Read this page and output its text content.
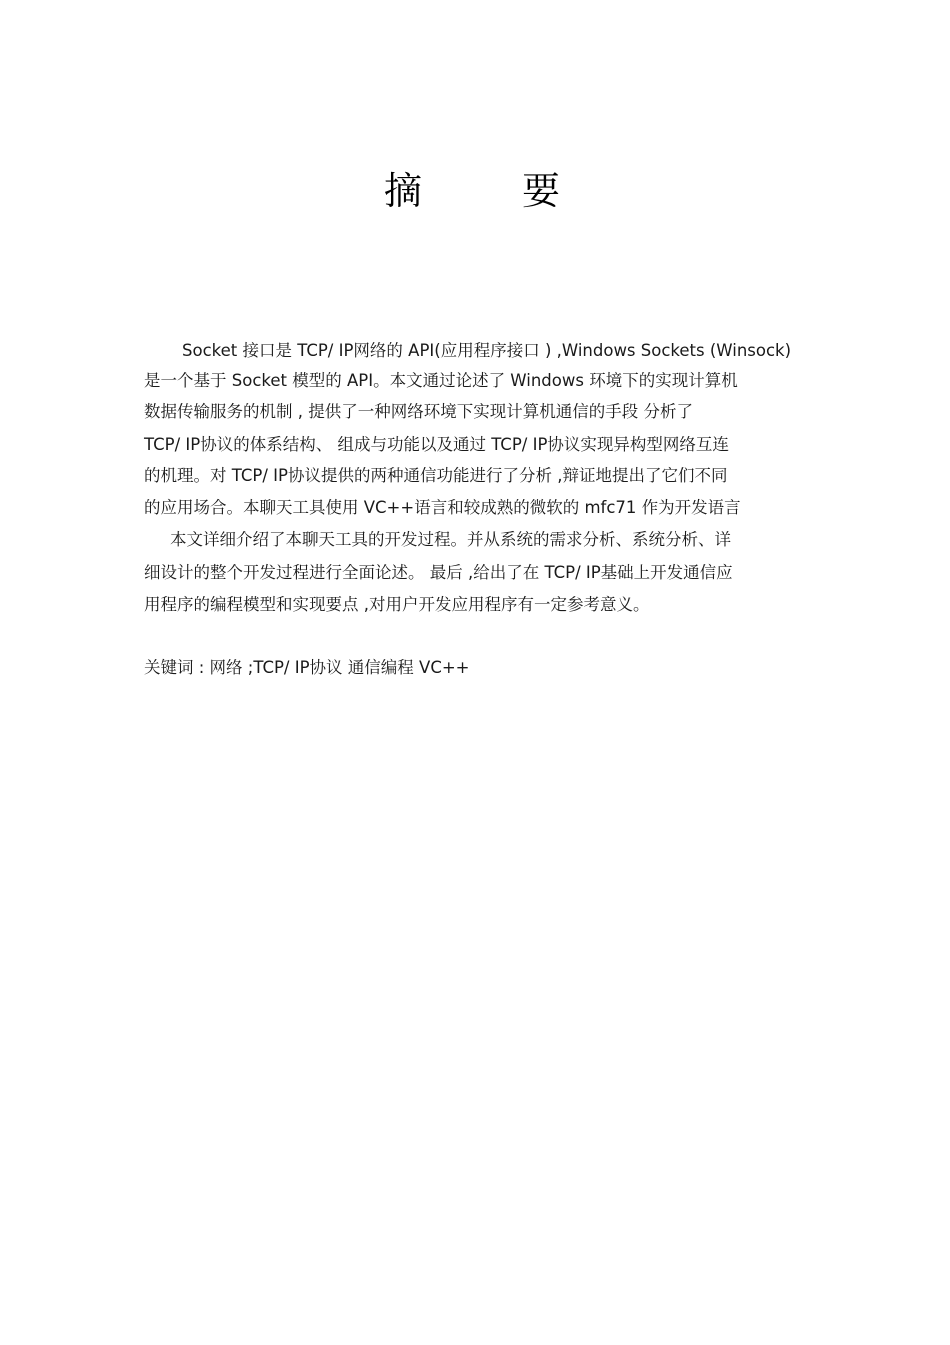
摘 要
Socket 接口是 TCP/ IP网络的 API(应用程序接口 ) ,Windows Sockets (Winsock)
是一个基于 Socket 模型的 API。本文通过论述了 Windows 环境下的实现计算机
数据传输服务的机制 , 提供了一种网络环境下实现计算机通信的手段 分析了
TCP/ IP协议的体系结构、 组成与功能以及通过 TCP/ IP协议实现异构型网络互连
的机理。对 TCP/ IP协议提供的两种通信功能进行了分析 ,辩证地提出了它们不同
的应用场合。本聊天工具使用 VC++语言和较成熟的微软的 mfc71 作为开发语言
本文详细介绍了本聊天工具的开发过程。并从系统的需求分析、系统分析、详
细设计的整个开发过程进行全面论述。 最后 ,给出了在 TCP/ IP基础上开发通信应
用程序的编程模型和实现要点 ,对用户开发应用程序有一定参考意义。
关键词 : 网络 ;TCP/ IP协议 通信编程 VC++
